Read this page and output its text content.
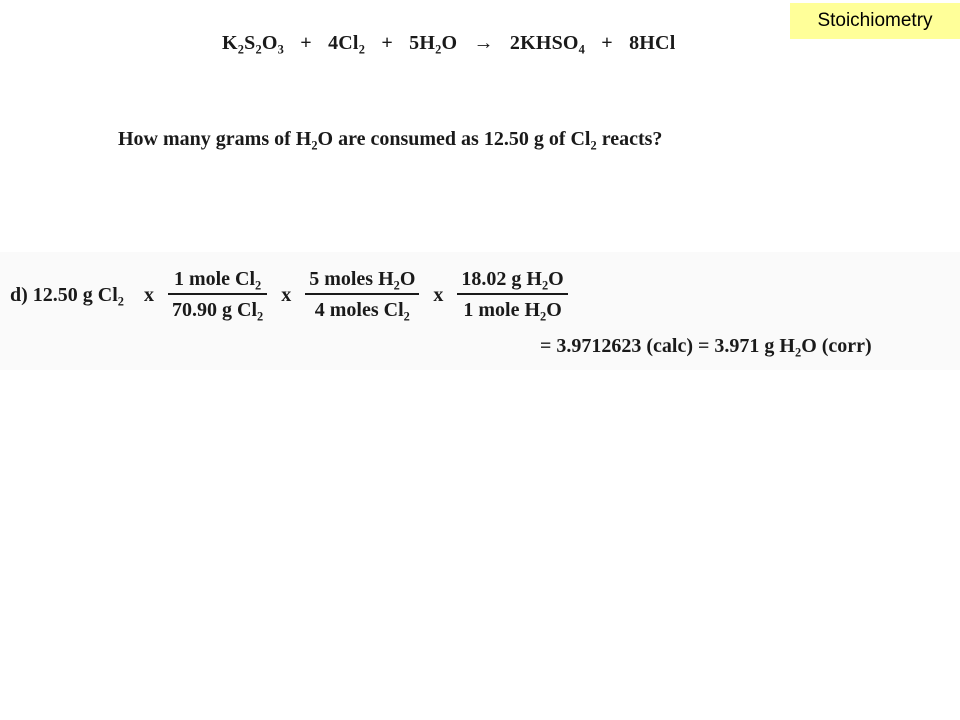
Stoichiometry
$K_2S_2O_3 + 4Cl_2 + 5H_2O$ → $2KHSO_4 + 8HCl$
How many grams of $H_2O$ are consumed as 12.50 g of $Cl_2$ reacts?
d) 12.50 g $Cl_2$ x $\frac{1 mole Cl_2}{70.90 g Cl_2}$ x $\frac{5 moles H_2O}{4 moles Cl_2}$ x $\frac{18.02 g H_2O}{1 mole H_2O}$
= 3.9712623 (calc) = 3.971 g $H_2O$ (corr)
